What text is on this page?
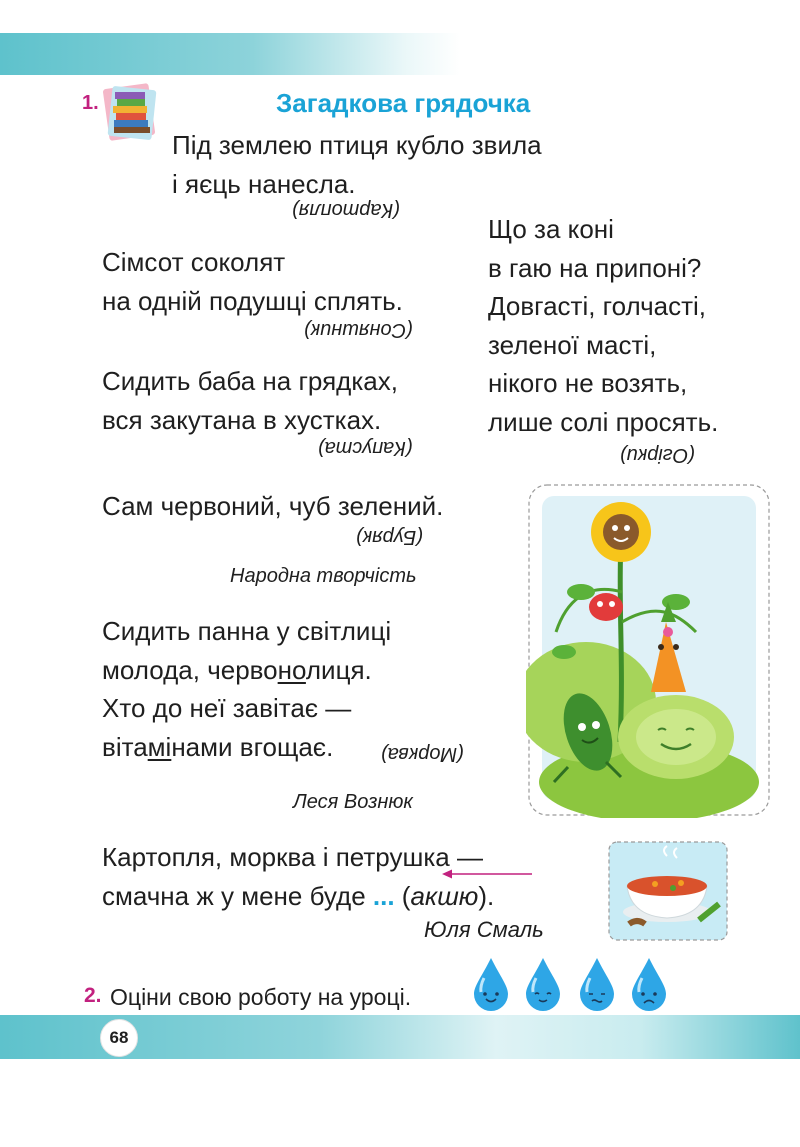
1.	Загадкова грядочка
Під землею птиця кубло звила
і яєць нанесла.
(Картопля)
Що за коні
в гаю на припоні?
Довгасті, голчасті,
зеленої масті,
нікого не возять,
лише солі просять.
(Огірки)
Сімсот соколят
на одній подушці сплять.
(Соняшник)
Сидить баба на грядках,
вся закутана в хустках.
(Капуста)
Сам червоний, чуб зелений.
(Буряк)
Народна творчість
Сидить панна у світлиці
молода, червонолиця.
Хто до неї завітає —
вітамінами вгощає.	(Морква)
Леся Вознюк
Картопля, морква і петрушка —
смачна ж у мене буде ... (акшю).
Юля Смаль
2. Оціни свою роботу на уроці.
68
